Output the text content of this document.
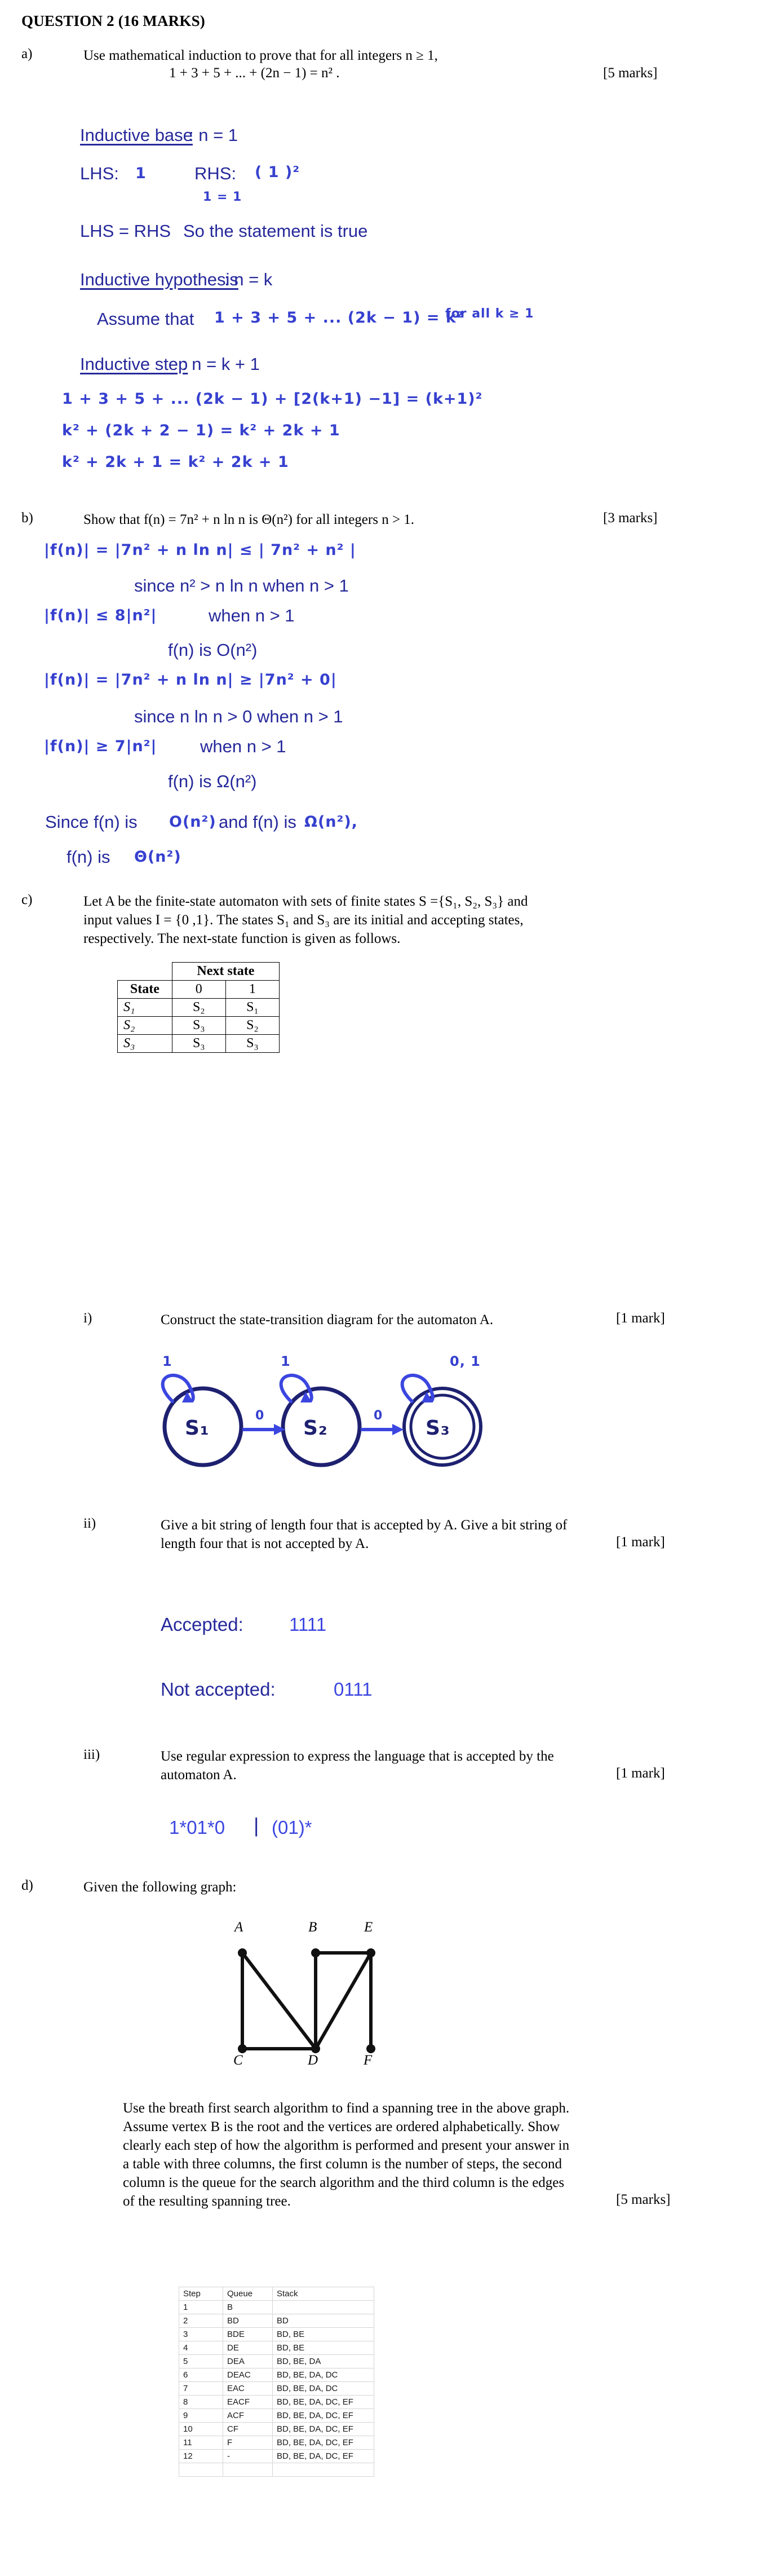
QUESTION 2 (16 MARKS)
a)	Use mathematical induction to prove that for all integers n ≥ 1,
1 + 3 + 5 + ... + (2n − 1) = n² .	[5 marks]
Inductive base
: n = 1
LHS: 1	RHS: ( 1 )²
1 = 1
LHS = RHS So the statement is true
Inductive hypothesis
: n = k
Assume that 1 + 3 + 5 + ... (2k − 1) = k²
for all k ≥ 1
Inductive step
: n = k + 1
1 + 3 + 5 + ... (2k − 1) + [2(k+1) −1] = (k+1)²
k² + (2k + 2 − 1) = k² + 2k + 1
k² + 2k + 1 = k² + 2k + 1
b)	Show that f(n) = 7n² + n ln n is Θ(n²) for all integers n > 1.	[3 marks]
|f(n)| = |7n² + n ln n| ≤ | 7n² + n² |
since n² > n ln n when n > 1
|f(n)| ≤ 8|n²|	when n > 1
f(n) is O(n²)
|f(n)| = |7n² + n ln n| ≥ |7n² + 0|
since n ln n > 0 when n > 1
|f(n)| ≥ 7|n²| when n > 1
f(n) is Ω(n²)
Since f(n) is O(n²) and f(n) is Ω(n²),
f(n) is Θ(n²)
c)	Let A be the finite-state automaton with sets of finite states S ={S₁, S₂, S₃} and
input values I = {0 ,1}. The states S₁ and S₃ are its initial and accepting states,
respectively. The next-state function is given as follows.
	Next state	
State	0	1
S₁	S₂	S₁
S₂	S₃	S₂
S₃	S₃	S₃
i)	Construct the state-transition diagram for the automaton A.	[1 mark]
1	1	0, 1
0	0
S₁	S₂	S₃
ii)	Give a bit string of length four that is accepted by A. Give a bit string of
length four that is not accepted by A.	[1 mark]
Accepted: 1111
Not accepted:	0111
iii)	Use regular expression to express the language that is accepted by the
automaton A.	[1 mark]
1*01*0 | (01)*
d)	Given the following graph:
A	B	E
C	D	F
Use the breath first search algorithm to find a spanning tree in the above graph.
Assume vertex B is the root and the vertices are ordered alphabetically. Show
clearly each step of how the algorithm is performed and present your answer in
a table with three columns, the first column is the number of steps, the second
column is the queue for the search algorithm and the third column is the edges
of the resulting spanning tree.	[5 marks]
Step	Queue	Stack
1	B	
2	BD	BD
3	BDE	BD, BE
4	DE	BD, BE
5	DEA	BD, BE, DA
6	DEAC	BD, BE, DA, DC
7	EAC	BD, BE, DA, DC
8	EACF	BD, BE, DA, DC, EF
9	ACF	BD, BE, DA, DC, EF
10	CF	BD, BE, DA, DC, EF
11	F	BD, BE, DA, DC, EF
12	-	BD, BE, DA, DC, EF
